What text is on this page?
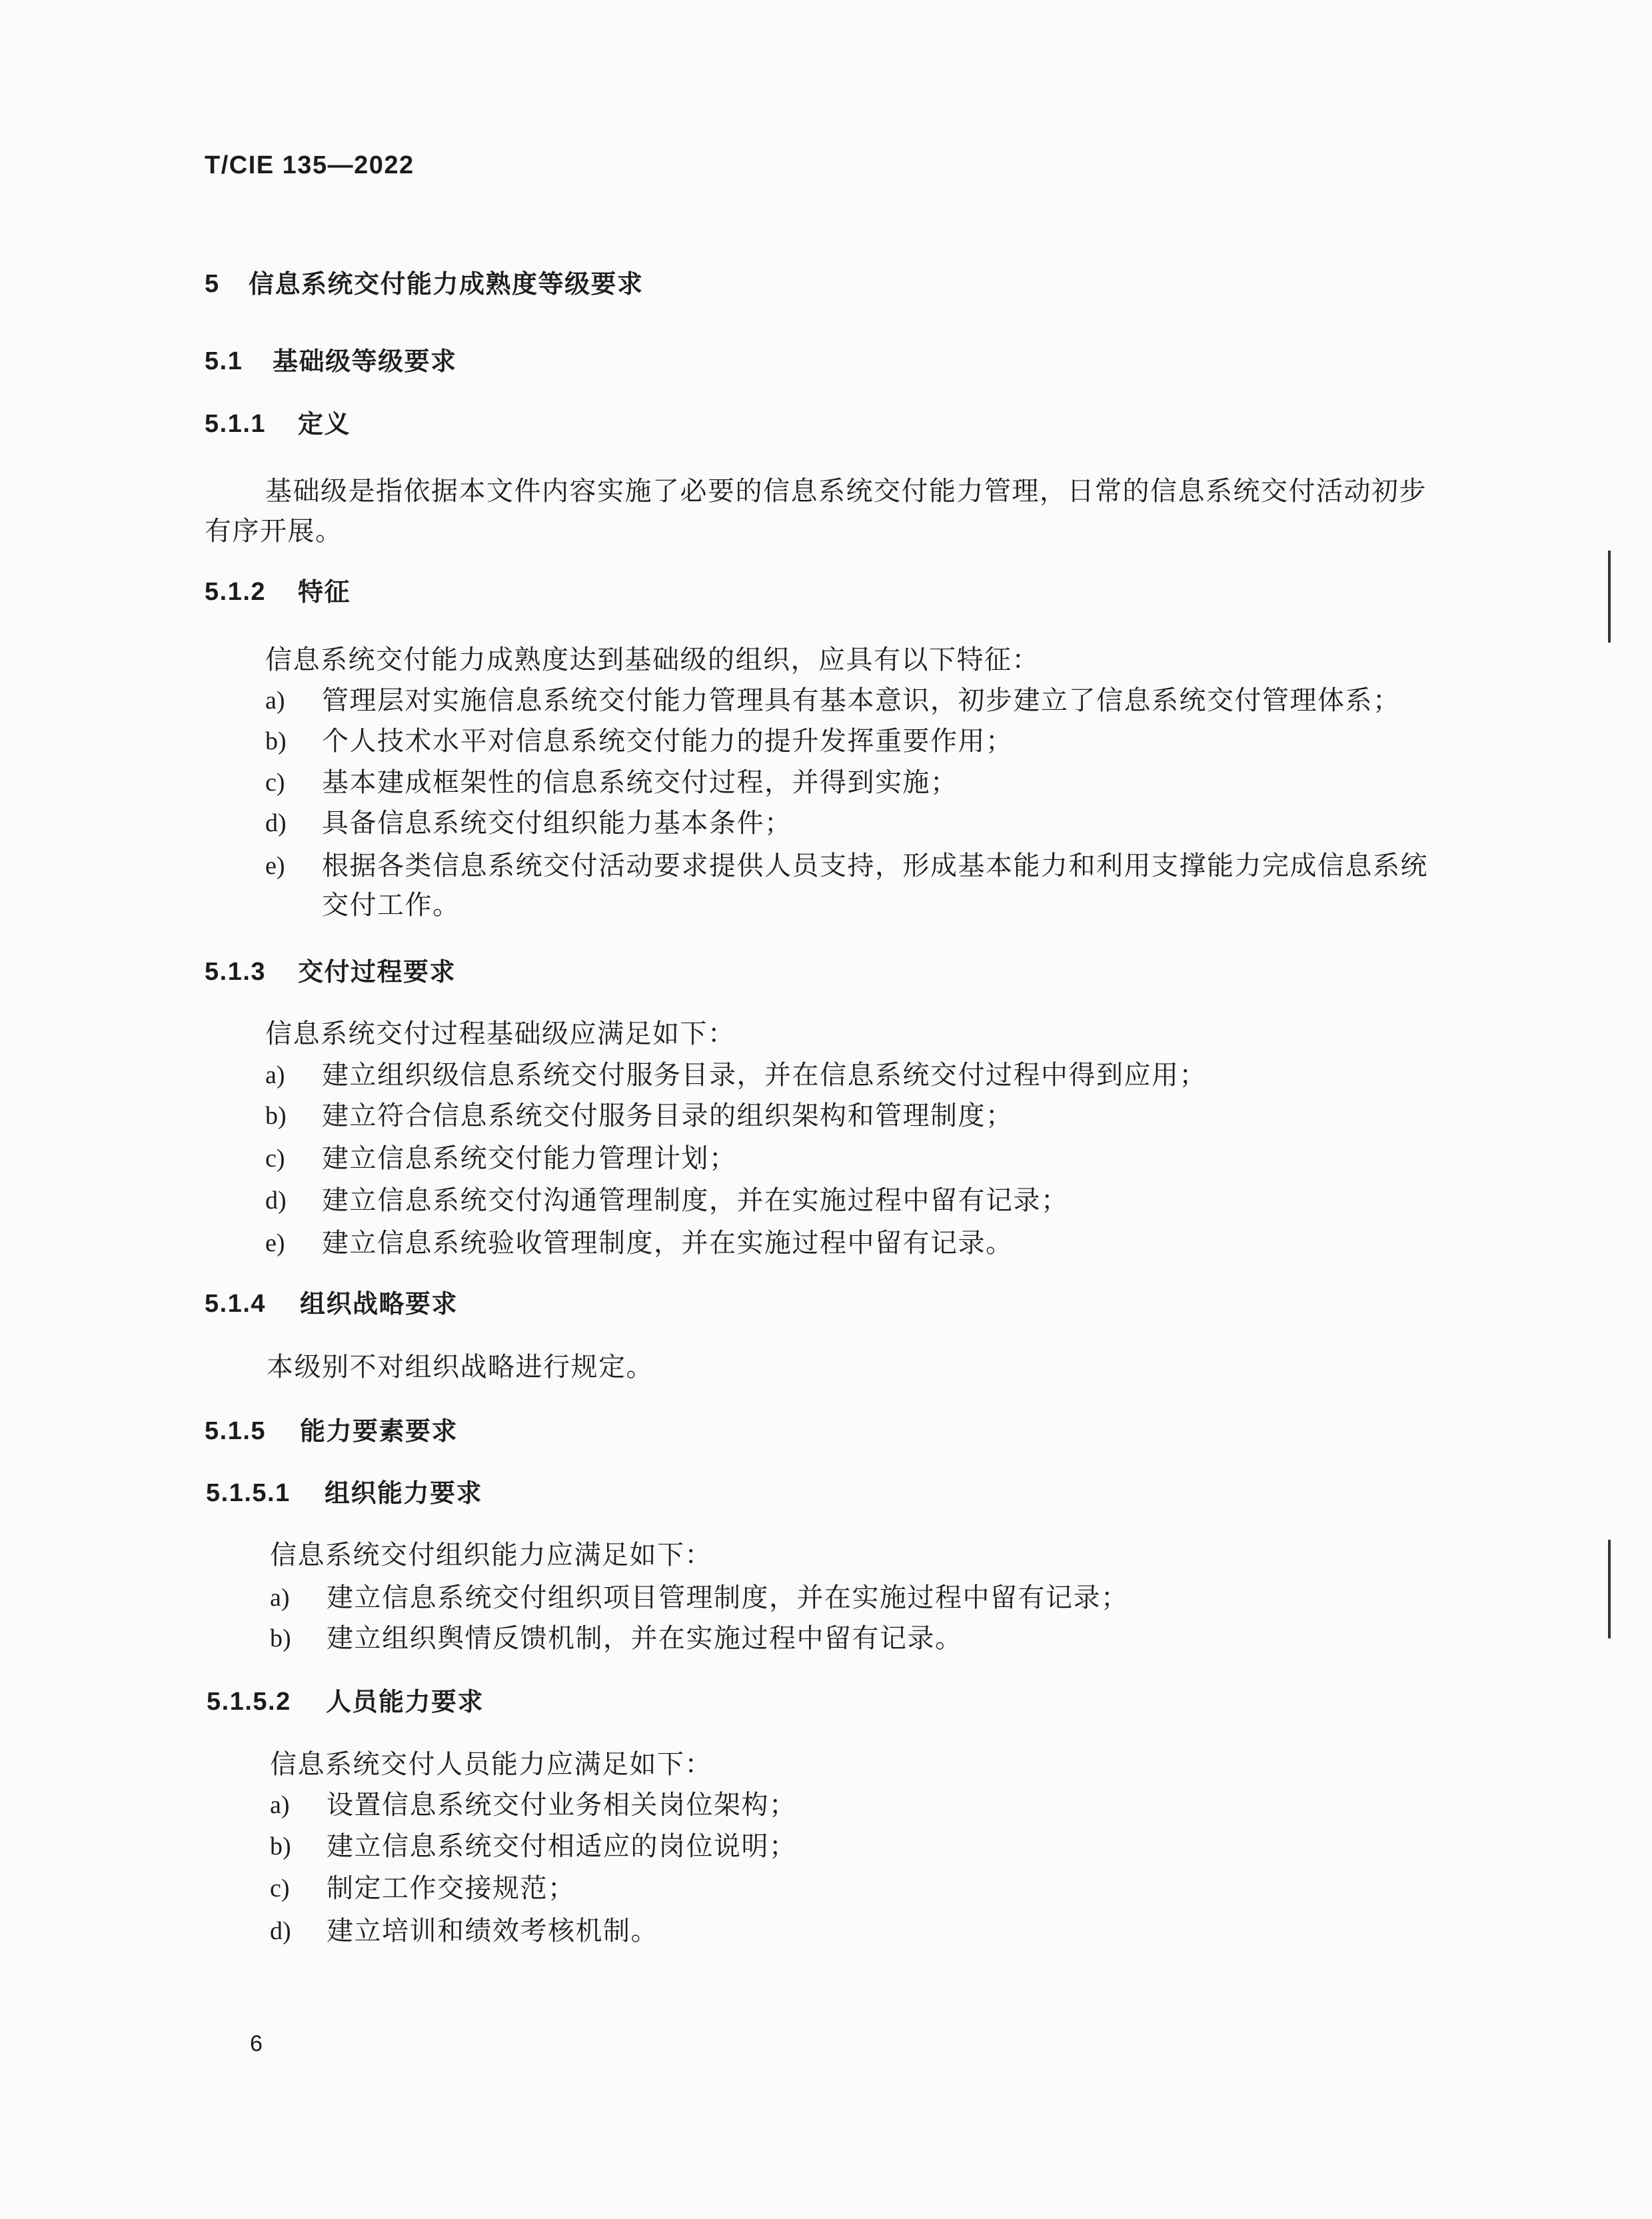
T/CIE 135—2022
5 信息系统交付能力成熟度等级要求
5.1 基础级等级要求
5.1.1 定义
基础级是指依据本文件内容实施了必要的信息系统交付能力管理，日常的信息系统交付活动初步
有序开展。
5.1.2 特征
信息系统交付能力成熟度达到基础级的组织，应具有以下特征：
a) 管理层对实施信息系统交付能力管理具有基本意识，初步建立了信息系统交付管理体系；
b) 个人技术水平对信息系统交付能力的提升发挥重要作用；
c) 基本建成框架性的信息系统交付过程，并得到实施；
d) 具备信息系统交付组织能力基本条件；
e) 根据各类信息系统交付活动要求提供人员支持，形成基本能力和利用支撑能力完成信息系统
交付工作。
5.1.3 交付过程要求
信息系统交付过程基础级应满足如下：
a) 建立组织级信息系统交付服务目录，并在信息系统交付过程中得到应用；
b) 建立符合信息系统交付服务目录的组织架构和管理制度；
c) 建立信息系统交付能力管理计划；
d) 建立信息系统交付沟通管理制度，并在实施过程中留有记录；
e) 建立信息系统验收管理制度，并在实施过程中留有记录。
5.1.4 组织战略要求
本级别不对组织战略进行规定。
5.1.5 能力要素要求
5.1.5.1 组织能力要求
信息系统交付组织能力应满足如下：
a) 建立信息系统交付组织项目管理制度，并在实施过程中留有记录；
b) 建立组织舆情反馈机制，并在实施过程中留有记录。
5.1.5.2 人员能力要求
信息系统交付人员能力应满足如下：
a) 设置信息系统交付业务相关岗位架构；
b) 建立信息系统交付相适应的岗位说明；
c) 制定工作交接规范；
d) 建立培训和绩效考核机制。
6
